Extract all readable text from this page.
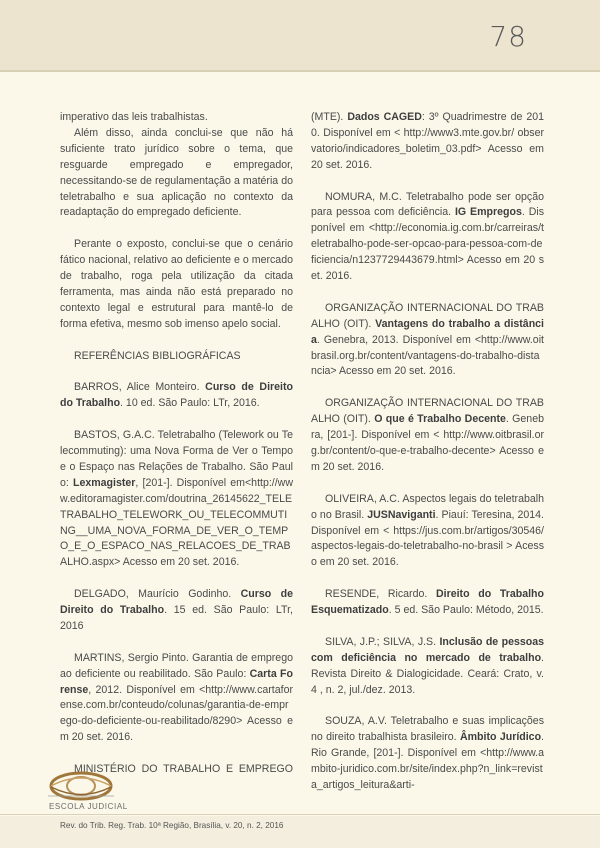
78

imperativo das leis trabalhistas.

Além disso, ainda conclui-se que não há suficiente trato jurídico sobre o tema, que resguarde empregado e empregador, necessitando-se de regulamentação a matéria do teletrabalho e sua aplicação no contexto da readaptação do empregado deficiente.

Perante o exposto, conclui-se que o cenário fático nacional, relativo ao deficiente e o mercado de trabalho, roga pela utilização da citada ferramenta, mas ainda não está preparado no contexto legal e estrutural para mantê-lo de forma efetiva, mesmo sob imenso apelo social.

REFERÊNCIAS BIBLIOGRÁFICAS

BARROS, Alice Monteiro. Curso de Direito do Trabalho. 10 ed. São Paulo: LTr, 2016.

BASTOS, G.A.C. Teletrabalho (Telework ou Telecommuting): uma Nova Forma de Ver o Tempo e o Espaço nas Relações de Trabalho. São Paulo: Lexmagister, [201-]. Disponível em<http://www.editoramagister.com/doutrina_26145622_TELETRABALHO_TELEWORK_OU_TELECOMMUTING__UMA_NOVA_FORMA_DE_VER_O_TEMPO_E_O_ESPACO_NAS_RELACOES_DE_TRABALHO.aspx> Acesso em 20 set. 2016.

DELGADO, Maurício Godinho. Curso de Direito do Trabalho. 15 ed. São Paulo: LTr, 2016

MARTINS, Sergio Pinto. Garantia de emprego ao deficiente ou reabilitado. São Paulo: Carta Forense, 2012. Disponível em <http://www.cartaforense.com.br/conteudo/colunas/garantia-de-emprego-do-deficiente-ou-reabilitado/8290> Acesso em 20 set. 2016.

MINISTÉRIO DO TRABALHO E EMPREGO

(MTE). Dados CAGED: 3º Quadrimestre de 2010. Disponível em < http://www3.mte.gov.br/ observatorio/indicadores_boletim_03.pdf> Acesso em 20 set. 2016.

NOMURA, M.C. Teletrabalho pode ser opção para pessoa com deficiência. IG Empregos. Disponível em <http://economia.ig.com.br/carreiras/teletrabalho-pode-ser-opcao-para-pessoa-com-deficiencia/n1237729443679.html> Acesso em 20 set. 2016.

ORGANIZAÇÃO INTERNACIONAL DO TRABALHO (OIT). Vantagens do trabalho a distância. Genebra, 2013. Disponível em <http://www.oitbrasil.org.br/content/vantagens-do-trabalho-distancia> Acesso em 20 set. 2016.

ORGANIZAÇÃO INTERNACIONAL DO TRABALHO (OIT). O que é Trabalho Decente. Genebra, [201-]. Disponível em < http://www.oitbrasil.org.br/content/o-que-e-trabalho-decente> Acesso em 20 set. 2016.

OLIVEIRA, A.C. Aspectos legais do teletrabalho no Brasil. JUSNaviganti. Piauí: Teresina, 2014. Disponível em < https://jus.com.br/artigos/30546/aspectos-legais-do-teletrabalho-no-brasil > Acesso em 20 set. 2016.

RESENDE, Ricardo. Direito do Trabalho Esquematizado. 5 ed. São Paulo: Método, 2015.

SILVA, J.P.; SILVA, J.S. Inclusão de pessoas com deficiência no mercado de trabalho. Revista Direito & Dialogicidade. Ceará: Crato, v. 4 , n. 2, jul./dez. 2013.

SOUZA, A.V. Teletrabalho e suas implicações no direito trabalhista brasileiro. Âmbito Jurídico. Rio Grande, [201-]. Disponível em <http://www.ambito-juridico.com.br/site/index.php?n_link=revista_artigos_leitura&arti-

ESCOLA JUDICIAL
Rev. do Trib. Reg. Trab. 10ª Região, Brasília, v. 20, n. 2, 2016
